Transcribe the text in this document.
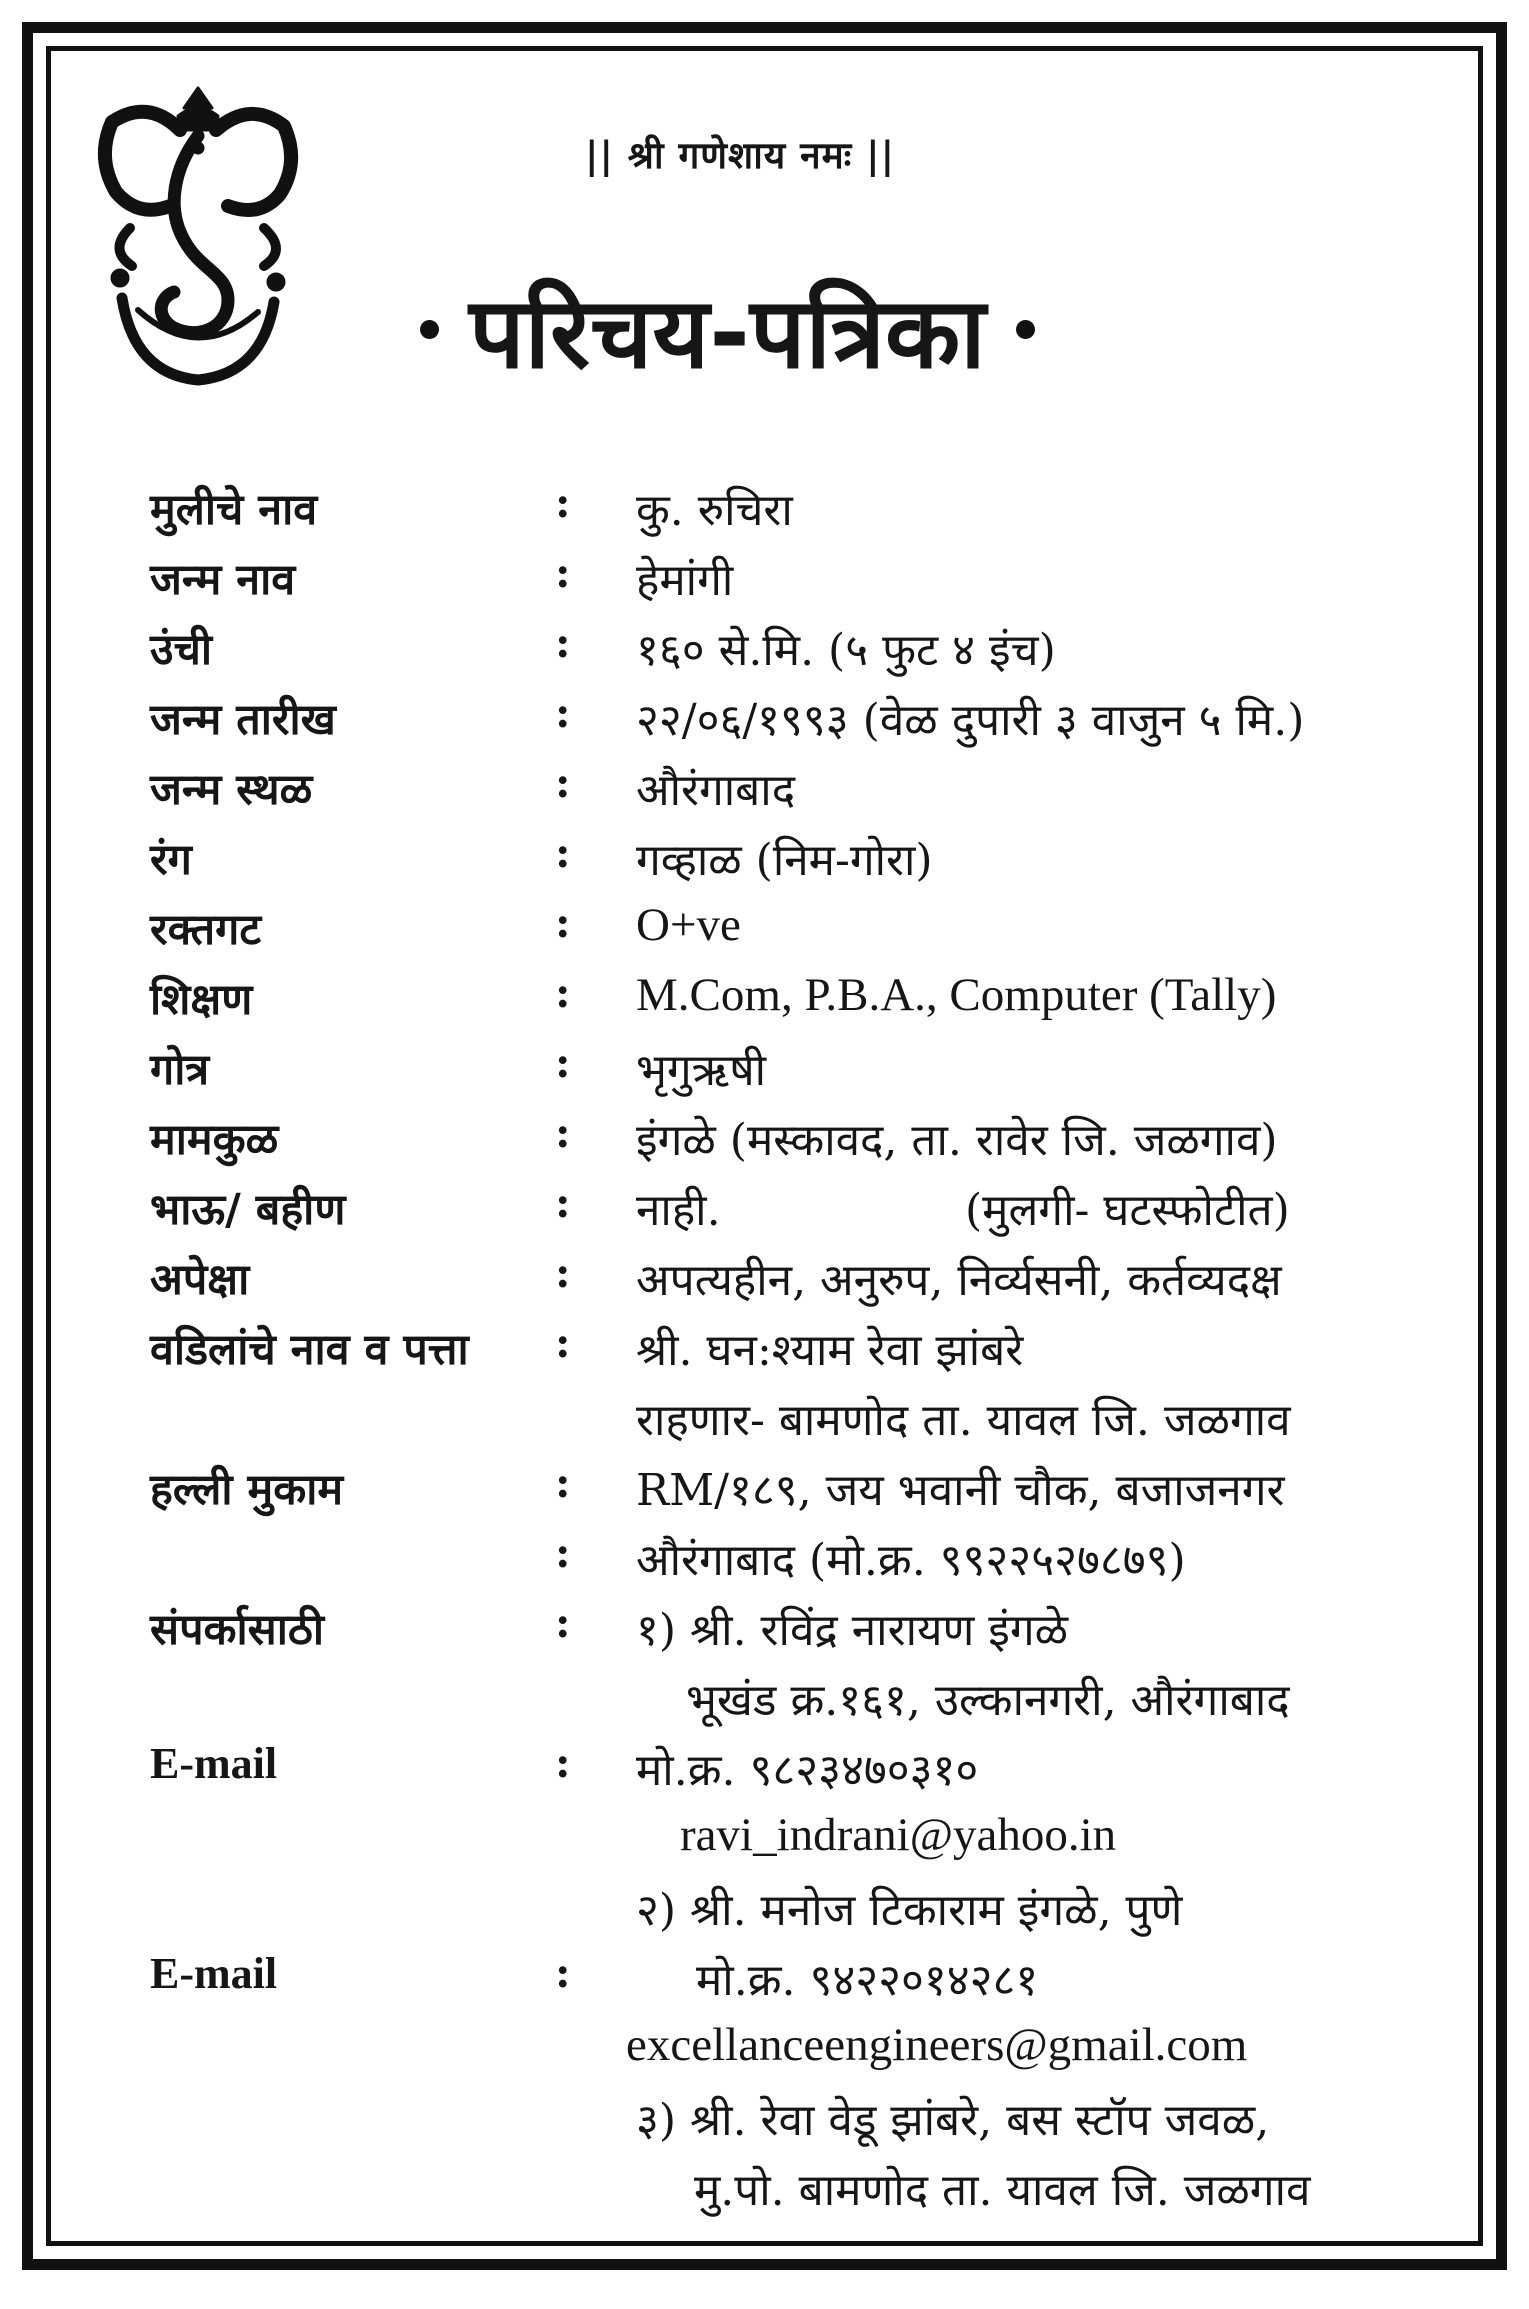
|| श्री गणेशाय नमः ||
परिचय-पत्रिका
मुलीचे नाव	: कु. रुचिरा
जन्म नाव	: हेमांगी
उंची	: १६० से.मि. (५ फुट ४ इंच)
जन्म तारीख	: २२/०६/१९९३ (वेळ दुपारी ३ वाजुन ५ मि.)
जन्म स्थळ	: औरंगाबाद
रंग	: गव्हाळ (निम-गोरा)
रक्तगट	: O+ve
शिक्षण	: M.Com, P.B.A., Computer (Tally)
गोत्र	: भृगुऋषी
मामकुळ	: इंगळे (मस्कावद, ता. रावेर जि. जळगाव)
भाऊ/ बहीण	: नाही.	(मुलगी- घटस्फोटीत)
अपेक्षा	: अपत्यहीन, अनुरुप, निर्व्यसनी, कर्तव्यदक्ष
वडिलांचे नाव व पत्ता : श्री. घन:श्याम रेवा झांबरे
राहणार- बामणोद ता. यावल जि. जळगाव
हल्ली मुकाम	: RM/१८९, जय भवानी चौक, बजाजनगर
: औरंगाबाद (मो.क्र. ९९२२५२७८७९)
संपर्कासाठी	: १) श्री. रविंद्र नारायण इंगळे
भूखंड क्र.१६१, उल्कानगरी, औरंगाबाद
E-mail	: मो.क्र. ९८२३४७०३१०
ravi_indrani@yahoo.in
२) श्री. मनोज टिकाराम इंगळे, पुणे
E-mail	:	मो.क्र. ९४२२०१४२८१
excellanceengineers@gmail.com
३) श्री. रेवा वेडू झांबरे, बस स्टॉप जवळ,
मु.पो. बामणोद ता. यावल जि. जळगाव
